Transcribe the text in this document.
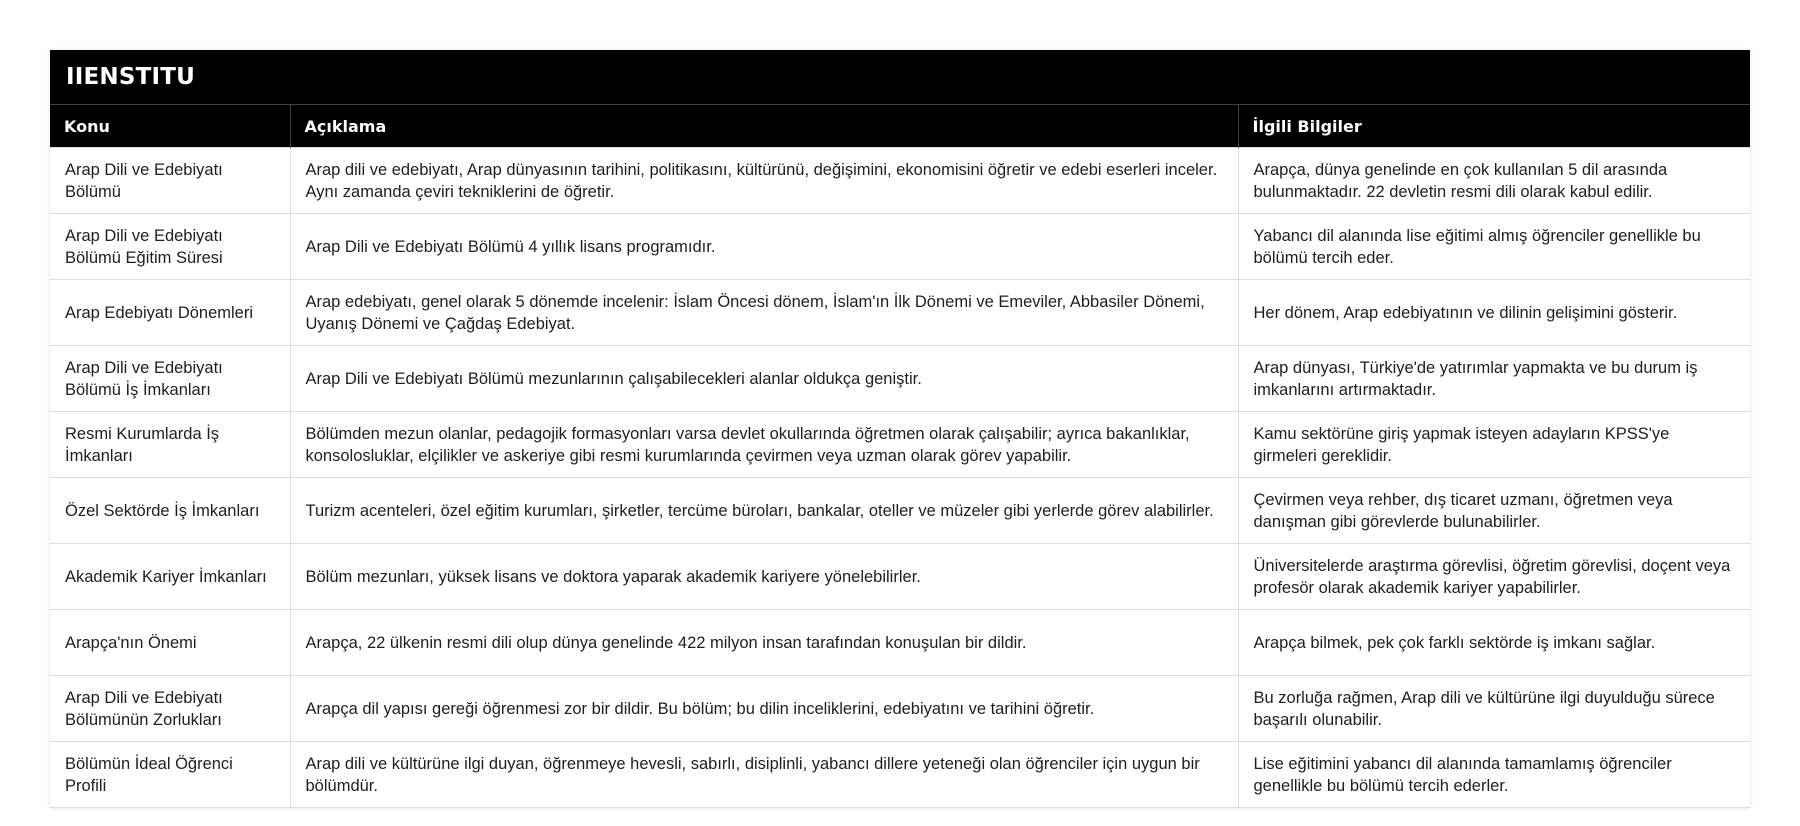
IIENSTITU
Konu	Açıklama	İlgili Bilgiler
Arap Dili ve Edebiyatı Bölümü	Arap dili ve edebiyatı, Arap dünyasının tarihini, politikasını, kültürünü, değişimini, ekonomisini öğretir ve edebi eserleri inceler. Aynı zamanda çeviri tekniklerini de öğretir.	Arapça, dünya genelinde en çok kullanılan 5 dil arasında bulunmaktadır. 22 devletin resmi dili olarak kabul edilir.
Arap Dili ve Edebiyatı Bölümü Eğitim Süresi	Arap Dili ve Edebiyatı Bölümü 4 yıllık lisans programıdır.	Yabancı dil alanında lise eğitimi almış öğrenciler genellikle bu bölümü tercih eder.
Arap Edebiyatı Dönemleri	Arap edebiyatı, genel olarak 5 dönemde incelenir: İslam Öncesi dönem, İslam'ın İlk Dönemi ve Emeviler, Abbasiler Dönemi, Uyanış Dönemi ve Çağdaş Edebiyat.	Her dönem, Arap edebiyatının ve dilinin gelişimini gösterir.
Arap Dili ve Edebiyatı Bölümü İş İmkanları	Arap Dili ve Edebiyatı Bölümü mezunlarının çalışabilecekleri alanlar oldukça geniştir.	Arap dünyası, Türkiye'de yatırımlar yapmakta ve bu durum iş imkanlarını artırmaktadır.
Resmi Kurumlarda İş İmkanları	Bölümden mezun olanlar, pedagojik formasyonları varsa devlet okullarında öğretmen olarak çalışabilir; ayrıca bakanlıklar, konsolosluklar, elçilikler ve askeriye gibi resmi kurumlarında çevirmen veya uzman olarak görev yapabilir.	Kamu sektörüne giriş yapmak isteyen adayların KPSS'ye girmeleri gereklidir.
Özel Sektörde İş İmkanları	Turizm acenteleri, özel eğitim kurumları, şirketler, tercüme büroları, bankalar, oteller ve müzeler gibi yerlerde görev alabilirler.	Çevirmen veya rehber, dış ticaret uzmanı, öğretmen veya danışman gibi görevlerde bulunabilirler.
Akademik Kariyer İmkanları	Bölüm mezunları, yüksek lisans ve doktora yaparak akademik kariyere yönelebilirler.	Üniversitelerde araştırma görevlisi, öğretim görevlisi, doçent veya profesör olarak akademik kariyer yapabilirler.
Arapça'nın Önemi	Arapça, 22 ülkenin resmi dili olup dünya genelinde 422 milyon insan tarafından konuşulan bir dildir.	Arapça bilmek, pek çok farklı sektörde iş imkanı sağlar.
Arap Dili ve Edebiyatı Bölümünün Zorlukları	Arapça dil yapısı gereği öğrenmesi zor bir dildir. Bu bölüm; bu dilin inceliklerini, edebiyatını ve tarihini öğretir.	Bu zorluğa rağmen, Arap dili ve kültürüne ilgi duyulduğu sürece başarılı olunabilir.
Bölümün İdeal Öğrenci Profili	Arap dili ve kültürüne ilgi duyan, öğrenmeye hevesli, sabırlı, disiplinli, yabancı dillere yeteneği olan öğrenciler için uygun bir bölümdür.	Lise eğitimini yabancı dil alanında tamamlamış öğrenciler genellikle bu bölümü tercih ederler.
